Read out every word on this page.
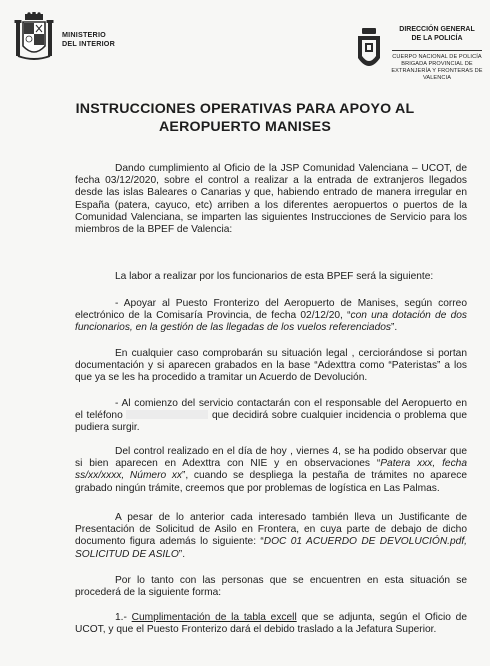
MINISTERIO
DEL INTERIOR
DIRECCIÓN GENERAL
DE LA POLICÍA
CUERPO NACIONAL DE POLICÍA
BRIGADA PROVINCIAL DE
EXTRANJERÍA Y FRONTERAS DE
VALENCIA
INSTRUCCIONES OPERATIVAS PARA APOYO AL
AEROPUERTO MANISES
Dando cumplimiento al Oficio de la JSP Comunidad Valenciana – UCOT, de fecha 03/12/2020, sobre el control a realizar a la entrada de extranjeros llegados desde las islas Baleares o Canarias y que, habiendo entrado de manera irregular en España (patera, cayuco, etc) arriben a los diferentes aeropuertos o puertos de la Comunidad Valenciana, se imparten las siguientes Instrucciones de Servicio para los miembros de la BPEF de Valencia:
La labor a realizar por los funcionarios de esta BPEF será la siguiente:
- Apoyar al Puesto Fronterizo del Aeropuerto de Manises, según correo electrónico de la Comisaría Provincia, de fecha 02/12/20, “con una dotación de dos funcionarios, en la gestión de las llegadas de los vuelos referenciados”.
En cualquier caso comprobarán su situación legal , cerciorándose si portan documentación y si aparecen grabados en la base “Adexttra como “Pateristas” a los que ya se les ha procedido a tramitar un Acuerdo de Devolución.
- Al comienzo del servicio contactarán con el responsable del Aeropuerto en el teléfono	que decidirá sobre cualquier incidencia o problema que pudiera surgir.
Del control realizado en el día de hoy , viernes 4, se ha podido observar que si bien aparecen en Adexttra con NIE y en observaciones “Patera xxx, fecha ss/xx/xxxx, Número xx”, cuando se despliega la pestaña de trámites no aparece grabado ningún trámite, creemos que por problemas de logística en Las Palmas.
A pesar de lo anterior cada interesado también lleva un Justificante de Presentación de Solicitud de Asilo en Frontera, en cuya parte de debajo de dicho documento figura además lo siguiente: “DOC 01 ACUERDO DE DEVOLUCIÓN.pdf, SOLICITUD DE ASILO”.
Por lo tanto con las personas que se encuentren en esta situación se procederá de la siguiente forma:
1.- Cumplimentación de la tabla excell que se adjunta, según el Oficio de UCOT, y que el Puesto Fronterizo dará el debido traslado a la Jefatura Superior.
